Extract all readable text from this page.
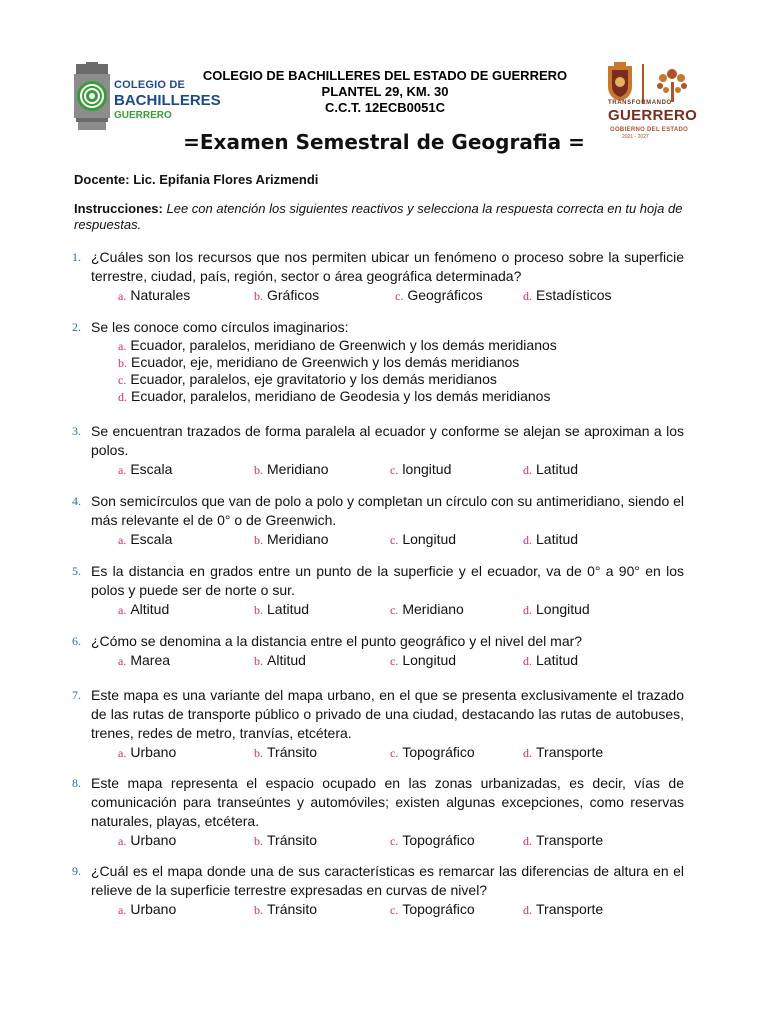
COLEGIO DE
BACHILLERES
GUERRERO
COLEGIO DE BACHILLERES DEL ESTADO DE GUERRERO
PLANTEL 29, KM. 30
C.C.T. 12ECB0051C	TRANSFORMANDO
GUERRERO
GOBIERNO DEL ESTADO
2021 - 2027
=Examen Semestral de Geografia =
Docente: Lic. Epifania Flores Arizmendi
Instrucciones: Lee con atención los siguientes reactivos y selecciona la respuesta correcta en tu hoja de respuestas.
1. ¿Cuáles son los recursos que nos permiten ubicar un fenómeno o proceso sobre la superficie terrestre, ciudad, país, región, sector o área geográfica determinada?
a. Naturales	b. Gráficos	c. Geográficos	d. Estadísticos
2. Se les conoce como círculos imaginarios:
a. Ecuador, paralelos, meridiano de Greenwich y los demás meridianos
b. Ecuador, eje, meridiano de Greenwich y los demás meridianos
c. Ecuador, paralelos, eje gravitatorio y los demás meridianos
d. Ecuador, paralelos, meridiano de Geodesia y los demás meridianos
3. Se encuentran trazados de forma paralela al ecuador y conforme se alejan se aproximan a los polos.
a. Escala	b. Meridiano	c. longitud	d. Latitud
4. Son semicírculos que van de polo a polo y completan un círculo con su antimeridiano, siendo el más relevante el de 0° o de Greenwich.
a. Escala	b. Meridiano	c. Longitud	d. Latitud
5. Es la distancia en grados entre un punto de la superficie y el ecuador, va de 0° a 90° en los polos y puede ser de norte o sur.
a. Altitud	b. Latitud	c. Meridiano	d. Longitud
6. ¿Cómo se denomina a la distancia entre el punto geográfico y el nivel del mar?
a. Marea	b. Altitud	c. Longitud	d. Latitud
7. Este mapa es una variante del mapa urbano, en el que se presenta exclusivamente el trazado de las rutas de transporte público o privado de una ciudad, destacando las rutas de autobuses, trenes, redes de metro, tranvías, etcétera.
a. Urbano	b. Tránsito	c. Topográfico	d. Transporte
8. Este mapa representa el espacio ocupado en las zonas urbanizadas, es decir, vías de comunicación para transeúntes y automóviles; existen algunas excepciones, como reservas naturales, playas, etcétera.
a. Urbano	b. Tránsito	c. Topográfico	d. Transporte
9. ¿Cuál es el mapa donde una de sus características es remarcar las diferencias de altura en el relieve de la superficie terrestre expresadas en curvas de nivel?
a. Urbano	b. Tránsito	c. Topográfico	d. Transporte
